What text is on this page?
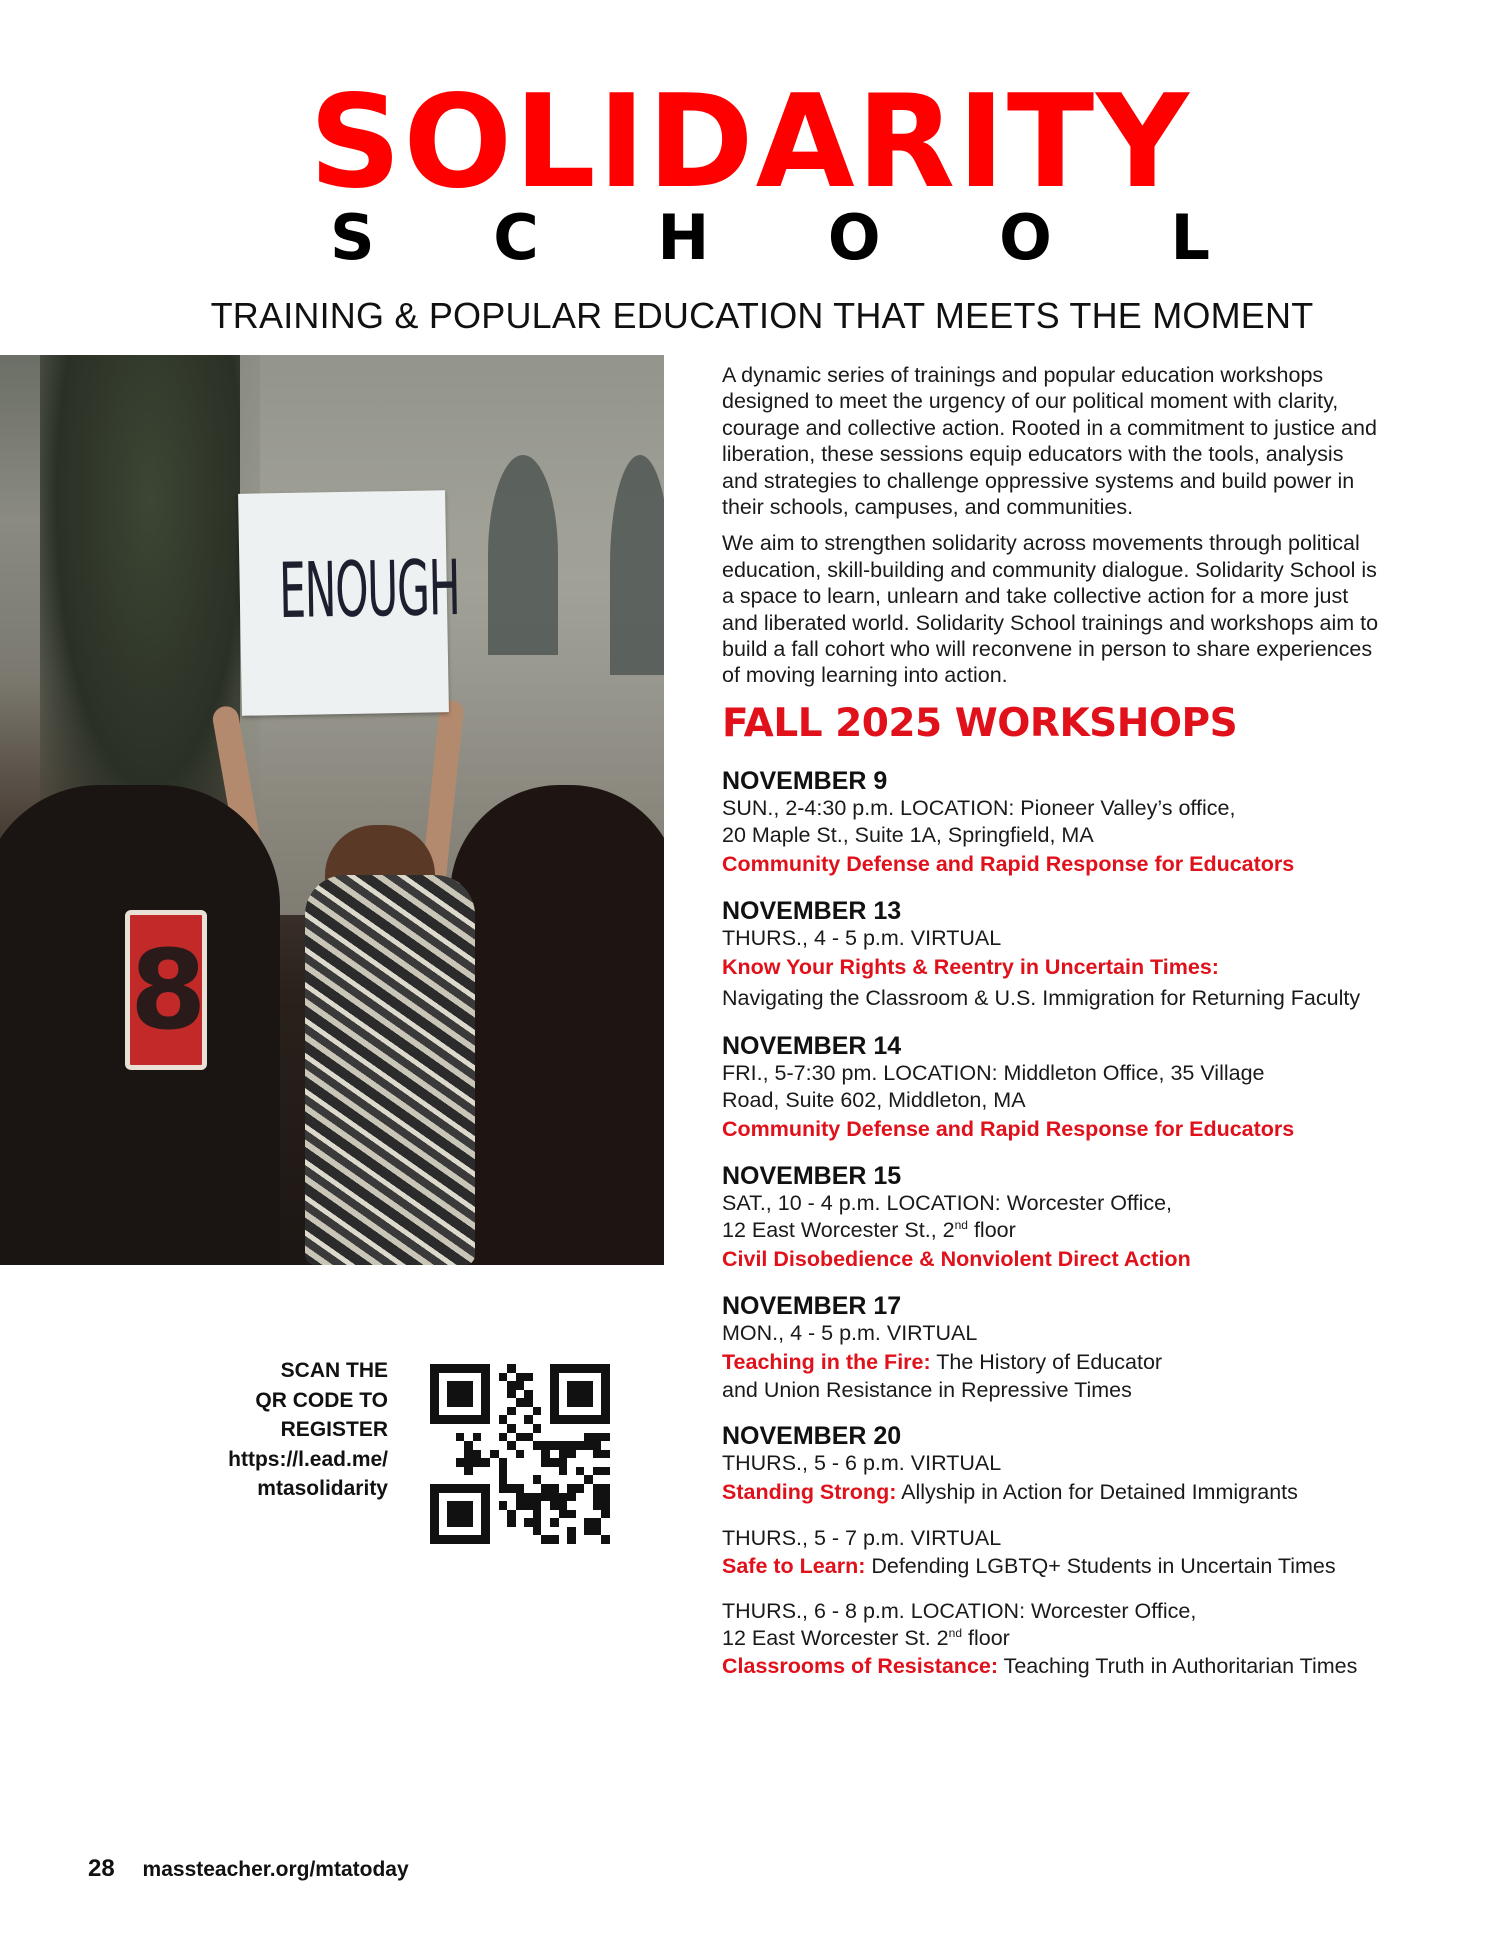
SOLIDARITY
S C H O O L
TRAINING & POPULAR EDUCATION THAT MEETS THE MOMENT
ENOUGH
8

A dynamic series of trainings and popular education workshops designed to meet the urgency of our political moment with clarity, courage and collective action. Rooted in a commitment to justice and liberation, these sessions equip educators with the tools, analysis and strategies to challenge oppressive systems and build power in their schools, campuses, and communities.

We aim to strengthen solidarity across movements through political education, skill-building and community dialogue. Solidarity School is a space to learn, unlearn and take collective action for a more just and liberated world. Solidarity School trainings and workshops aim to build a fall cohort who will reconvene in person to share experiences of moving learning into action.

FALL 2025 WORKSHOPS

NOVEMBER 9

SUN., 2-4:30 p.m. LOCATION: Pioneer Valley’s office,

20 Maple St., Suite 1A, Springfield, MA

Community Defense and Rapid Response for Educators

NOVEMBER 13

THURS., 4 - 5 p.m. VIRTUAL

Know Your Rights & Reentry in Uncertain Times:

Navigating the Classroom & U.S. Immigration for Returning Faculty

NOVEMBER 14

FRI., 5-7:30 pm. LOCATION: Middleton Office, 35 Village

Road, Suite 602, Middleton, MA

Community Defense and Rapid Response for Educators

NOVEMBER 15

SAT., 10 - 4 p.m. LOCATION: Worcester Office,

12 East Worcester St., 2nd floor

Civil Disobedience & Nonviolent Direct Action

NOVEMBER 17

MON., 4 - 5 p.m. VIRTUAL

Teaching in the Fire: The History of Educator

and Union Resistance in Repressive Times

NOVEMBER 20

THURS., 5 - 6 p.m. VIRTUAL

Standing Strong: Allyship in Action for Detained Immigrants

THURS., 5 - 7 p.m. VIRTUAL

Safe to Learn: Defending LGBTQ+ Students in Uncertain Times

THURS., 6 - 8 p.m. LOCATION: Worcester Office,

12 East Worcester St. 2nd floor

Classrooms of Resistance: Teaching Truth in Authoritarian Times

SCAN THE
QR CODE TO
REGISTER
https://l.ead.me/
mtasolidarity
28 massteacher.org/mtatoday
